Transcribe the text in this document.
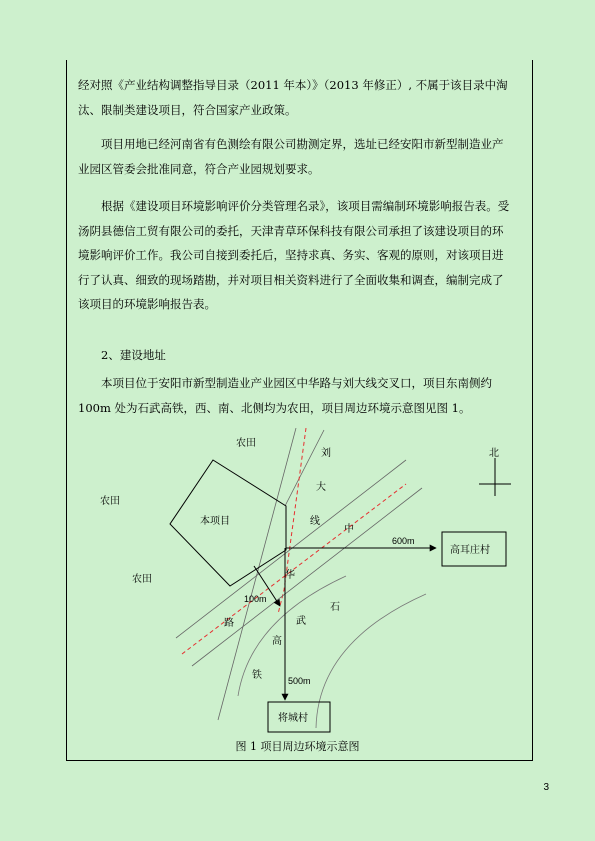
经对照《产业结构调整指导目录（2011 年本）》（2013 年修正）, 不属于该目录中淘
汰、限制类建设项目，符合国家产业政策。
项目用地已经河南省有色测绘有限公司勘测定界，选址已经安阳市新型制造业产
业园区管委会批准同意，符合产业园规划要求。
根据《建设项目环境影响评价分类管理名录》，该项目需编制环境影响报告表。受
汤阴县德信工贸有限公司的委托，天津青草环保科技有限公司承担了该建设项目的环
境影响评价工作。我公司自接到委托后，坚持求真、务实、客观的原则，对该项目进
行了认真、细致的现场踏勘，并对项目相关资料进行了全面收集和调查，编制完成了
该项目的环境影响报告表。
2、建设地址
本项目位于安阳市新型制造业产业园区中华路与刘大线交叉口，项目东南侧约
100m 处为石武高铁，西、南、北侧均为农田，项目周边环境示意图见图 1。
农田
农田
农田
本项目
北
刘
大
线
中
华
路
石
武
高
铁
600m
100m
500m
高耳庄村
将城村
图 1 项目周边环境示意图
3
